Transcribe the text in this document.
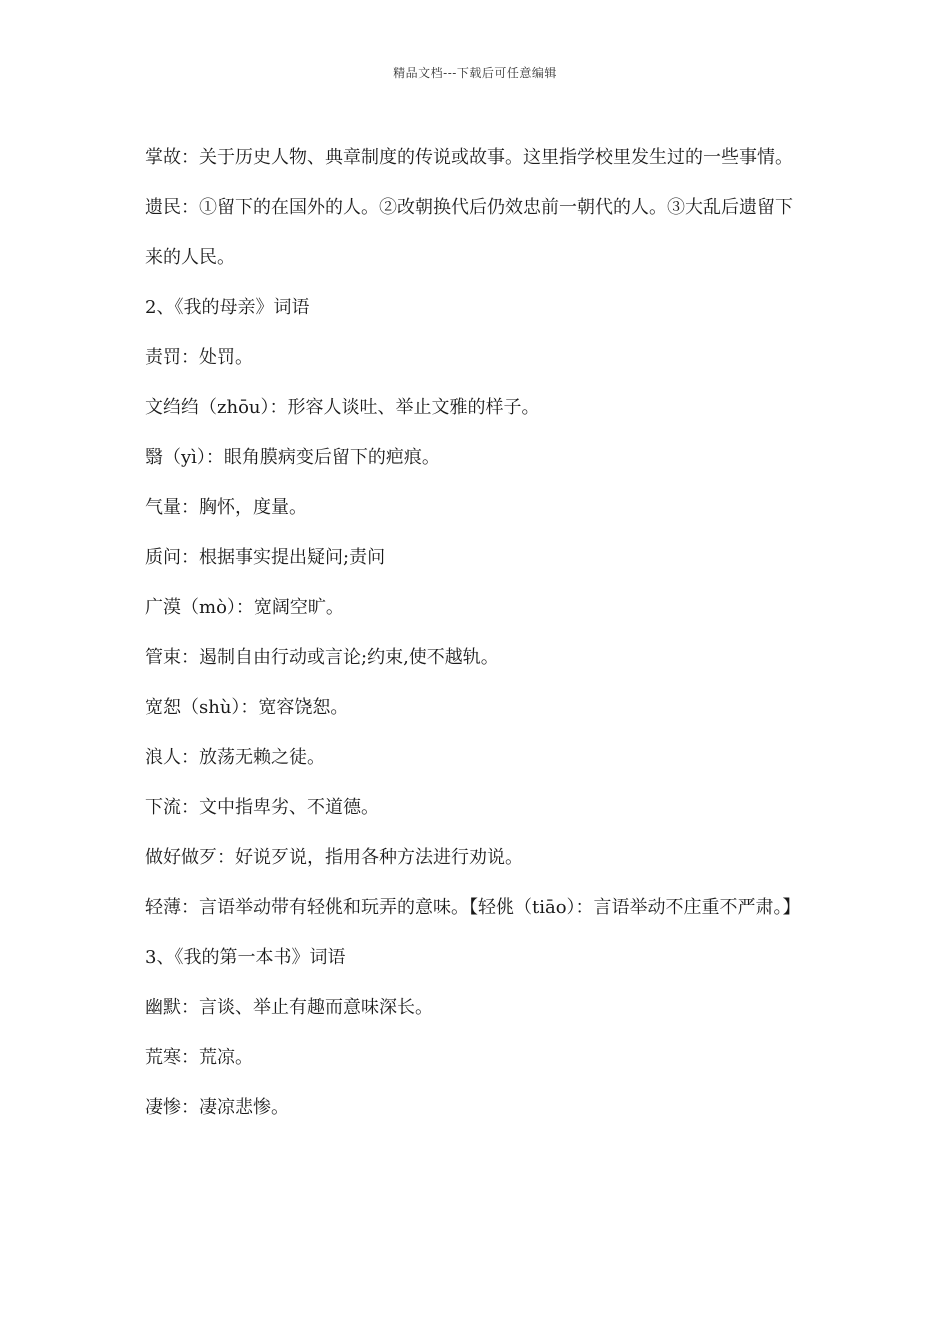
精品文档---下载后可任意编辑

掌故：关于历史人物、典章制度的传说或故事。这里指学校里发生过的一些事情。

遗民：①留下的在国外的人。②改朝换代后仍效忠前一朝代的人。③大乱后遗留下来的人民。

2、《我的母亲》词语

责罚：处罚。

文绉绉（zhōu）：形容人谈吐、举止文雅的样子。

翳（yì）：眼角膜病变后留下的疤痕。

气量：胸怀，度量。

质问：根据事实提出疑问;责问

广漠（mò）：宽阔空旷。

管束：遏制自由行动或言论;约束,使不越轨。

宽恕（shù）：宽容饶恕。

浪人：放荡无赖之徒。

下流：文中指卑劣、不道德。

做好做歹：好说歹说，指用各种方法进行劝说。

轻薄：言语举动带有轻佻和玩弄的意味。【轻佻（tiāo）：言语举动不庄重不严肃。】

3、《我的第一本书》词语

幽默：言谈、举止有趣而意味深长。

荒寒：荒凉。

凄惨：凄凉悲惨。
